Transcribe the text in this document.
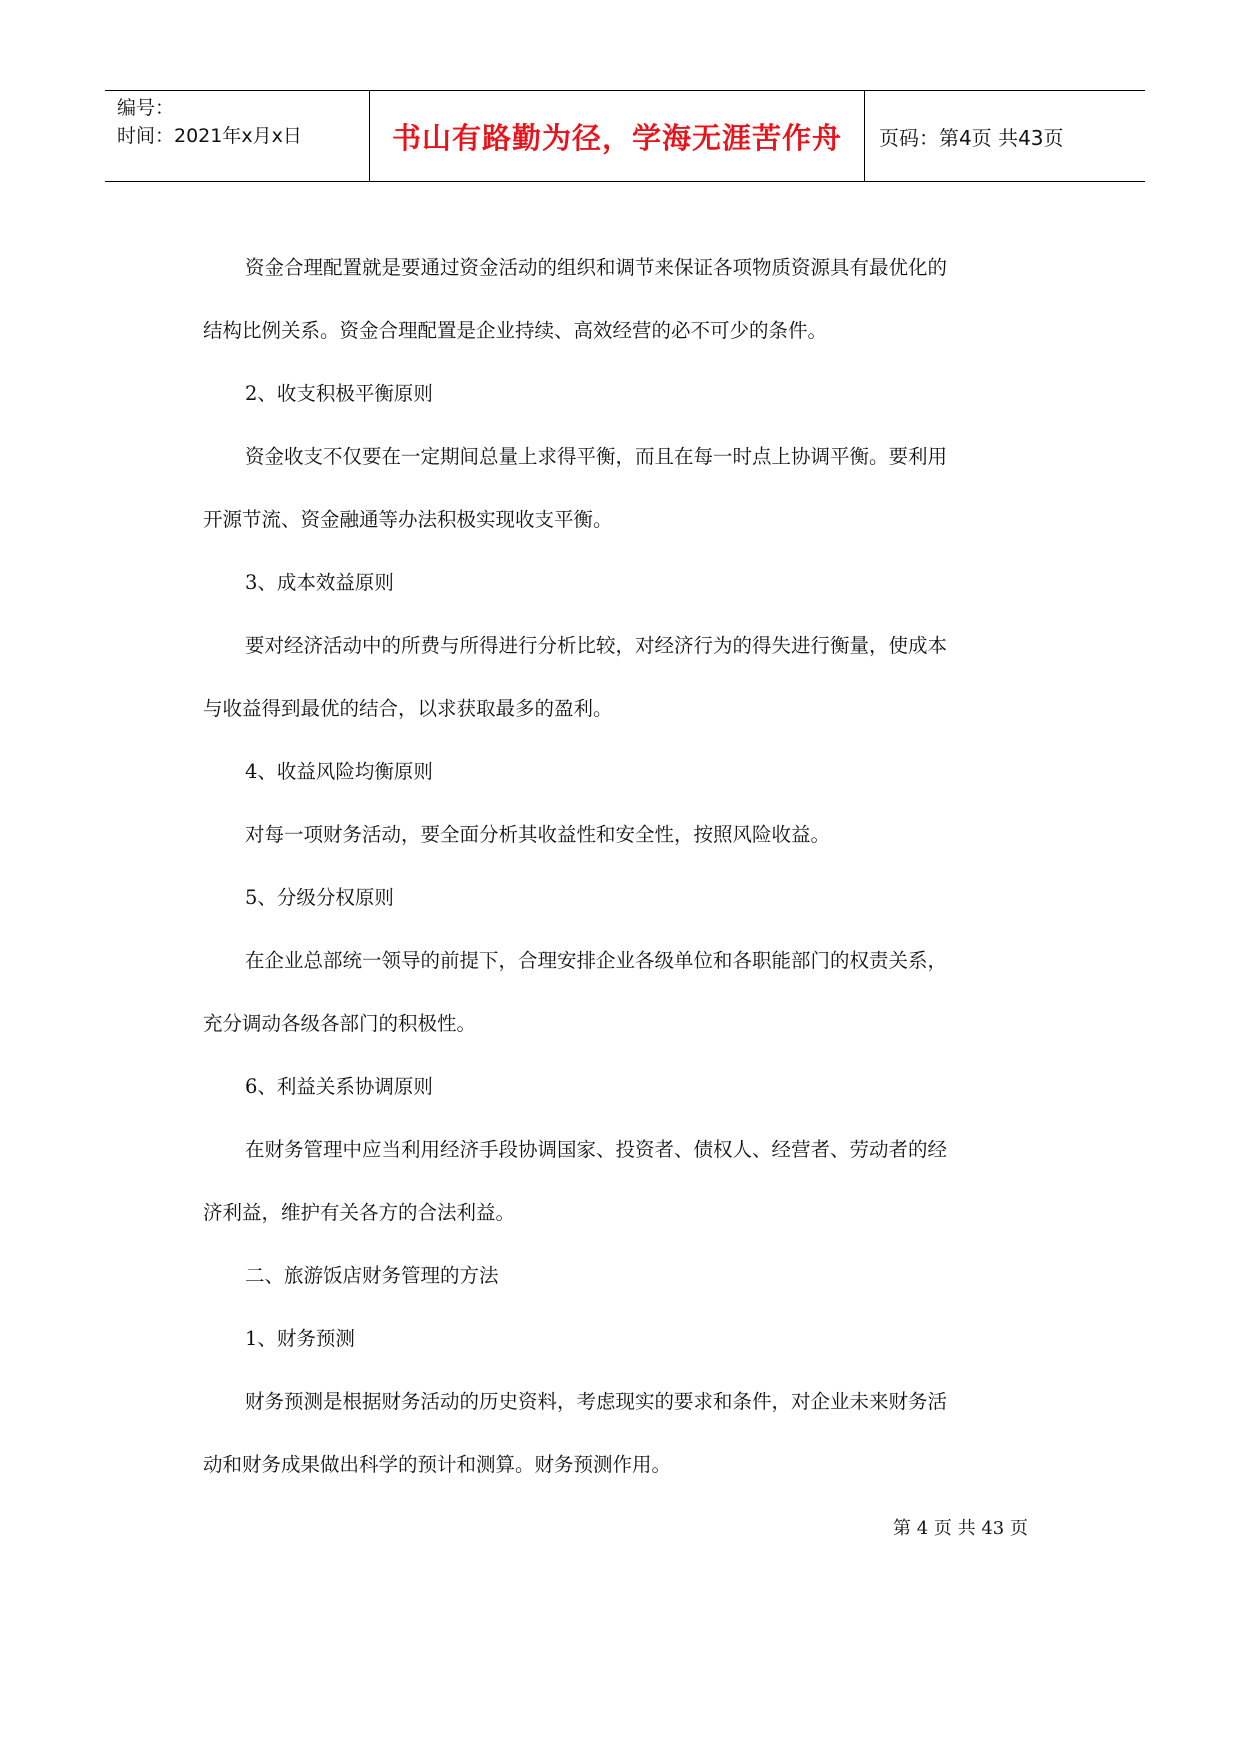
编号：
时间：2021年x月x日	书山有路勤为径，学海无涯苦作舟	页码：第4页 共43页

资金合理配置就是要通过资金活动的组织和调节来保证各项物质资源具有最优化的

结构比例关系。资金合理配置是企业持续、高效经营的必不可少的条件。

2、收支积极平衡原则

资金收支不仅要在一定期间总量上求得平衡，而且在每一时点上协调平衡。要利用

开源节流、资金融通等办法积极实现收支平衡。

3、成本效益原则

要对经济活动中的所费与所得进行分析比较，对经济行为的得失进行衡量，使成本

与收益得到最优的结合，以求获取最多的盈利。

4、收益风险均衡原则

对每一项财务活动，要全面分析其收益性和安全性，按照风险收益。

5、分级分权原则

在企业总部统一领导的前提下，合理安排企业各级单位和各职能部门的权责关系，

充分调动各级各部门的积极性。

6、利益关系协调原则

在财务管理中应当利用经济手段协调国家、投资者、债权人、经营者、劳动者的经

济利益，维护有关各方的合法利益。

二、旅游饭店财务管理的方法

1、财务预测

财务预测是根据财务活动的历史资料，考虑现实的要求和条件，对企业未来财务活

动和财务成果做出科学的预计和测算。财务预测作用。

第 4 页 共 43 页
